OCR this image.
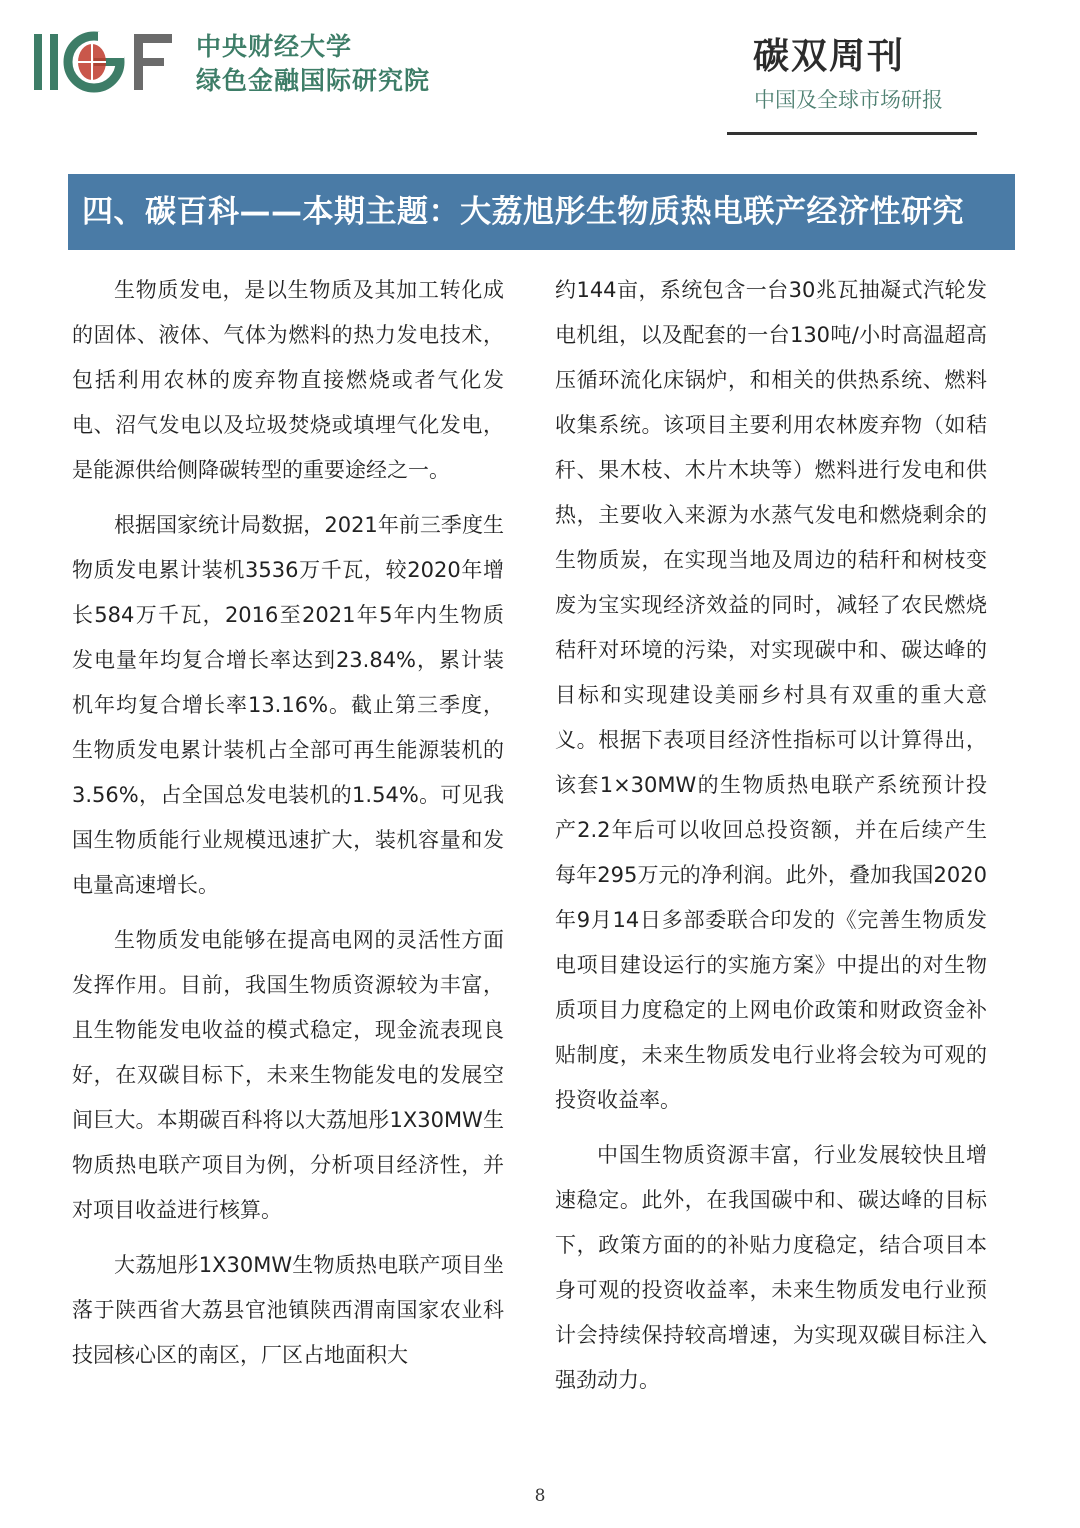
IIGF
中央财经大学
绿色金融国际研究院
碳双周刊
中国及全球市场研报
四、碳百科——本期主题：大荔旭彤生物质热电联产经济性研究

生物质发电，是以生物质及其加工转化成的固体、液体、气体为燃料的热力发电技术，包括利用农林的废弃物直接燃烧或者气化发电、沼气发电以及垃圾焚烧或填埋气化发电，是能源供给侧降碳转型的重要途经之一。

根据国家统计局数据，2021年前三季度生物质发电累计装机3536万千瓦，较2020年增长584万千瓦，2016至2021年5年内生物质发电量年均复合增长率达到23.84%，累计装机年均复合增长率13.16%。截止第三季度，生物质发电累计装机占全部可再生能源装机的3.56%，占全国总发电装机的1.54%。可见我国生物质能行业规模迅速扩大，装机容量和发电量高速增长。

生物质发电能够在提高电网的灵活性方面发挥作用。目前，我国生物质资源较为丰富，且生物能发电收益的模式稳定，现金流表现良好，在双碳目标下，未来生物能发电的发展空间巨大。本期碳百科将以大荔旭彤1X30MW生物质热电联产项目为例，分析项目经济性，并对项目收益进行核算。

大荔旭彤1X30MW生物质热电联产项目坐落于陕西省大荔县官池镇陕西渭南国家农业科技园核心区的南区，厂区占地面积大

约144亩，系统包含一台30兆瓦抽凝式汽轮发电机组，以及配套的一台130吨/小时高温超高压循环流化床锅炉，和相关的供热系统、燃料收集系统。该项目主要利用农林废弃物（如秸秆、果木枝、木片木块等）燃料进行发电和供热，主要收入来源为水蒸气发电和燃烧剩余的生物质炭，在实现当地及周边的秸秆和树枝变废为宝实现经济效益的同时，减轻了农民燃烧秸秆对环境的污染，对实现碳中和、碳达峰的目标和实现建设美丽乡村具有双重的重大意义。根据下表项目经济性指标可以计算得出，该套1×30MW的生物质热电联产系统预计投产2.2年后可以收回总投资额，并在后续产生每年295万元的净利润。此外，叠加我国2020年9月14日多部委联合印发的《完善生物质发电项目建设运行的实施方案》中提出的对生物质项目力度稳定的上网电价政策和财政资金补贴制度，未来生物质发电行业将会较为可观的投资收益率。

中国生物质资源丰富，行业发展较快且增速稳定。此外，在我国碳中和、碳达峰的目标下，政策方面的的补贴力度稳定，结合项目本身可观的投资收益率，未来生物质发电行业预计会持续保持较高增速，为实现双碳目标注入强劲动力。

8
